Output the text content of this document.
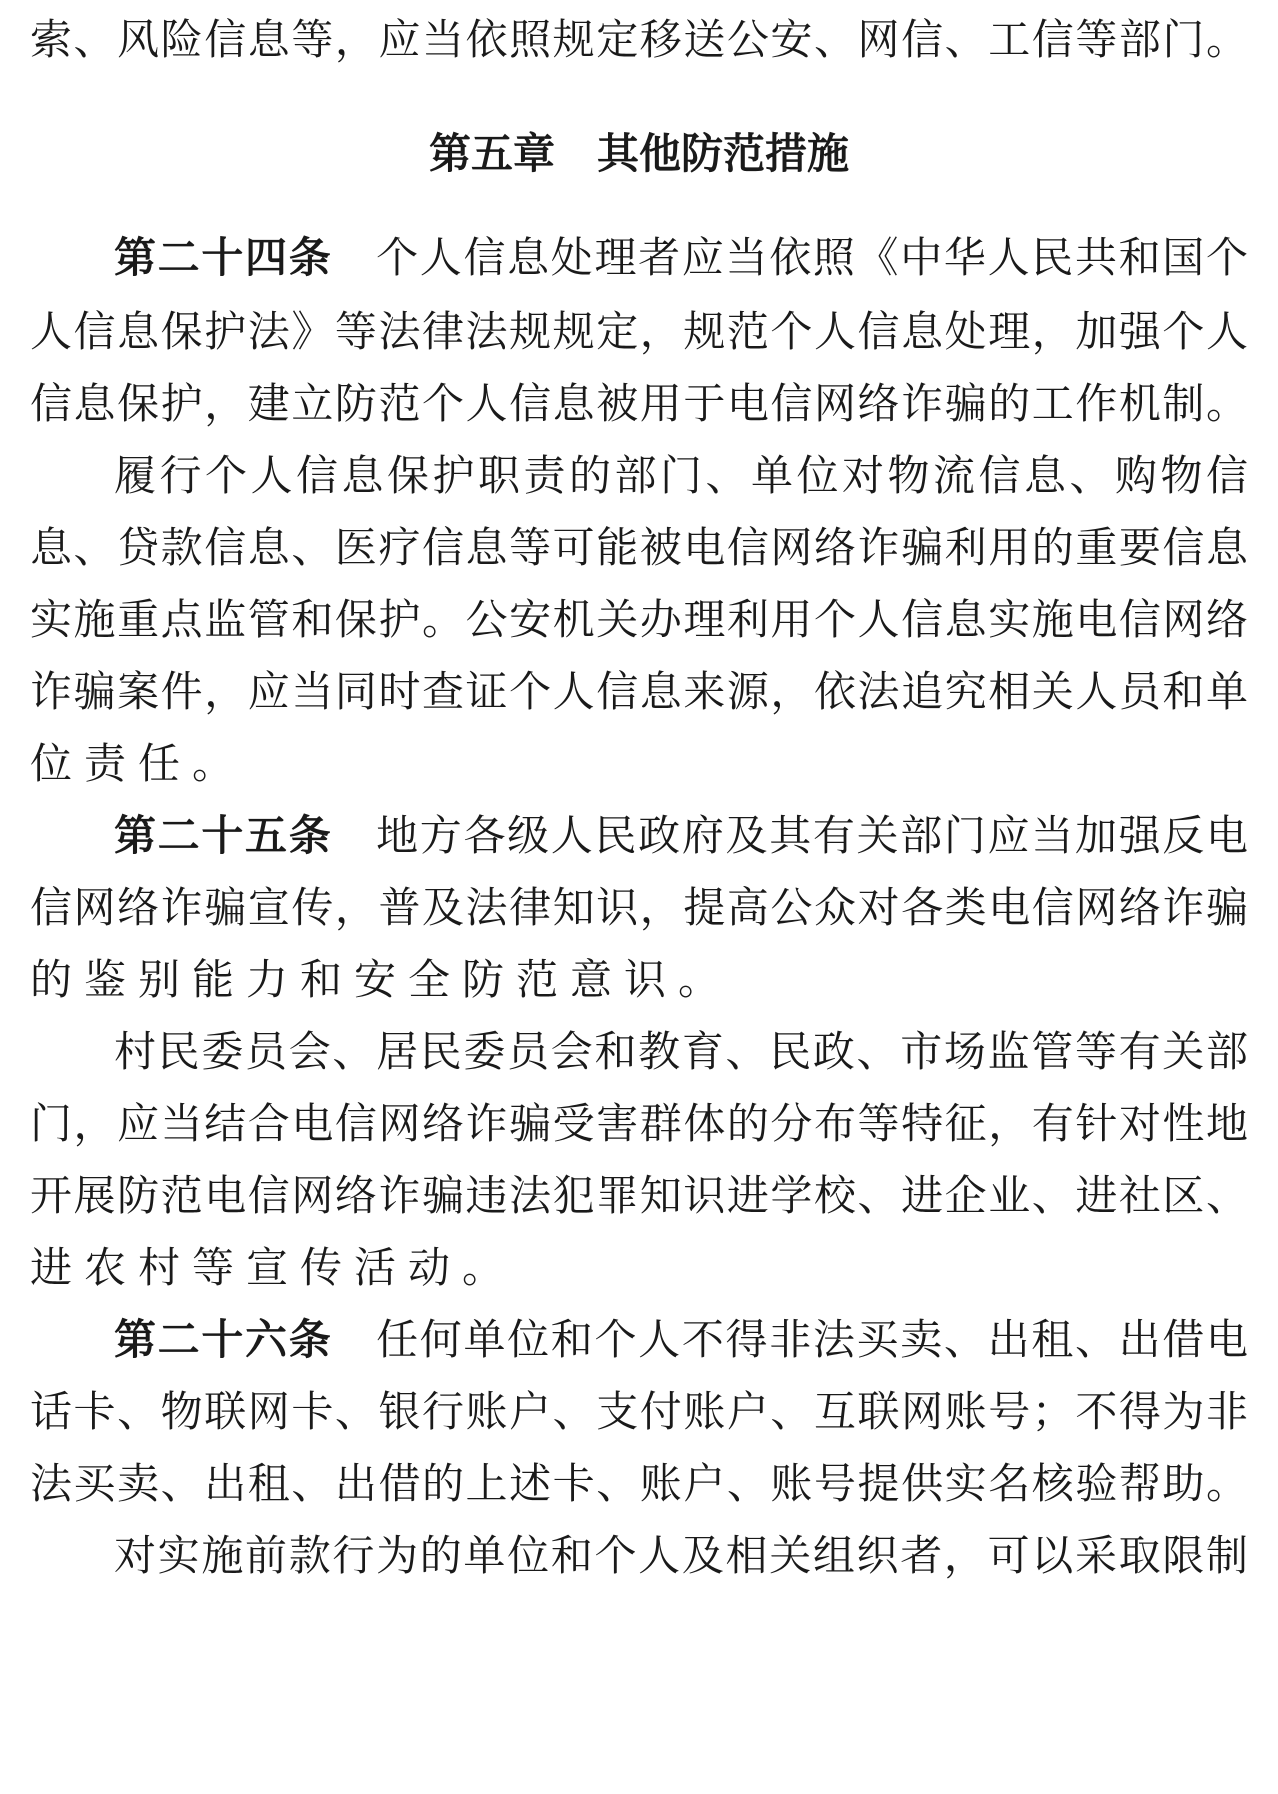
索、风险信息等，应当依照规定移送公安、网信、工信等部门。
第五章　其他防范措施
第二十四条 个人信息处理者应当依照《中华人民共和国个
人信息保护法》等法律法规规定，规范个人信息处理，加强个人
信息保护，建立防范个人信息被用于电信网络诈骗的工作机制。
履行个人信息保护职责的部门、单位对物流信息、购物信
息、贷款信息、医疗信息等可能被电信网络诈骗利用的重要信息
实施重点监管和保护。公安机关办理利用个人信息实施电信网络
诈骗案件，应当同时查证个人信息来源，依法追究相关人员和单
位责任。
第二十五条 地方各级人民政府及其有关部门应当加强反电
信网络诈骗宣传，普及法律知识，提高公众对各类电信网络诈骗
的鉴别能力和安全防范意识。
村民委员会、居民委员会和教育、民政、市场监管等有关部
门，应当结合电信网络诈骗受害群体的分布等特征，有针对性地
开展防范电信网络诈骗违法犯罪知识进学校、进企业、进社区、
进农村等宣传活动。
第二十六条 任何单位和个人不得非法买卖、出租、出借电
话卡、物联网卡、银行账户、支付账户、互联网账号；不得为非
法买卖、出租、出借的上述卡、账户、账号提供实名核验帮助。
对实施前款行为的单位和个人及相关组织者，可以采取限制
